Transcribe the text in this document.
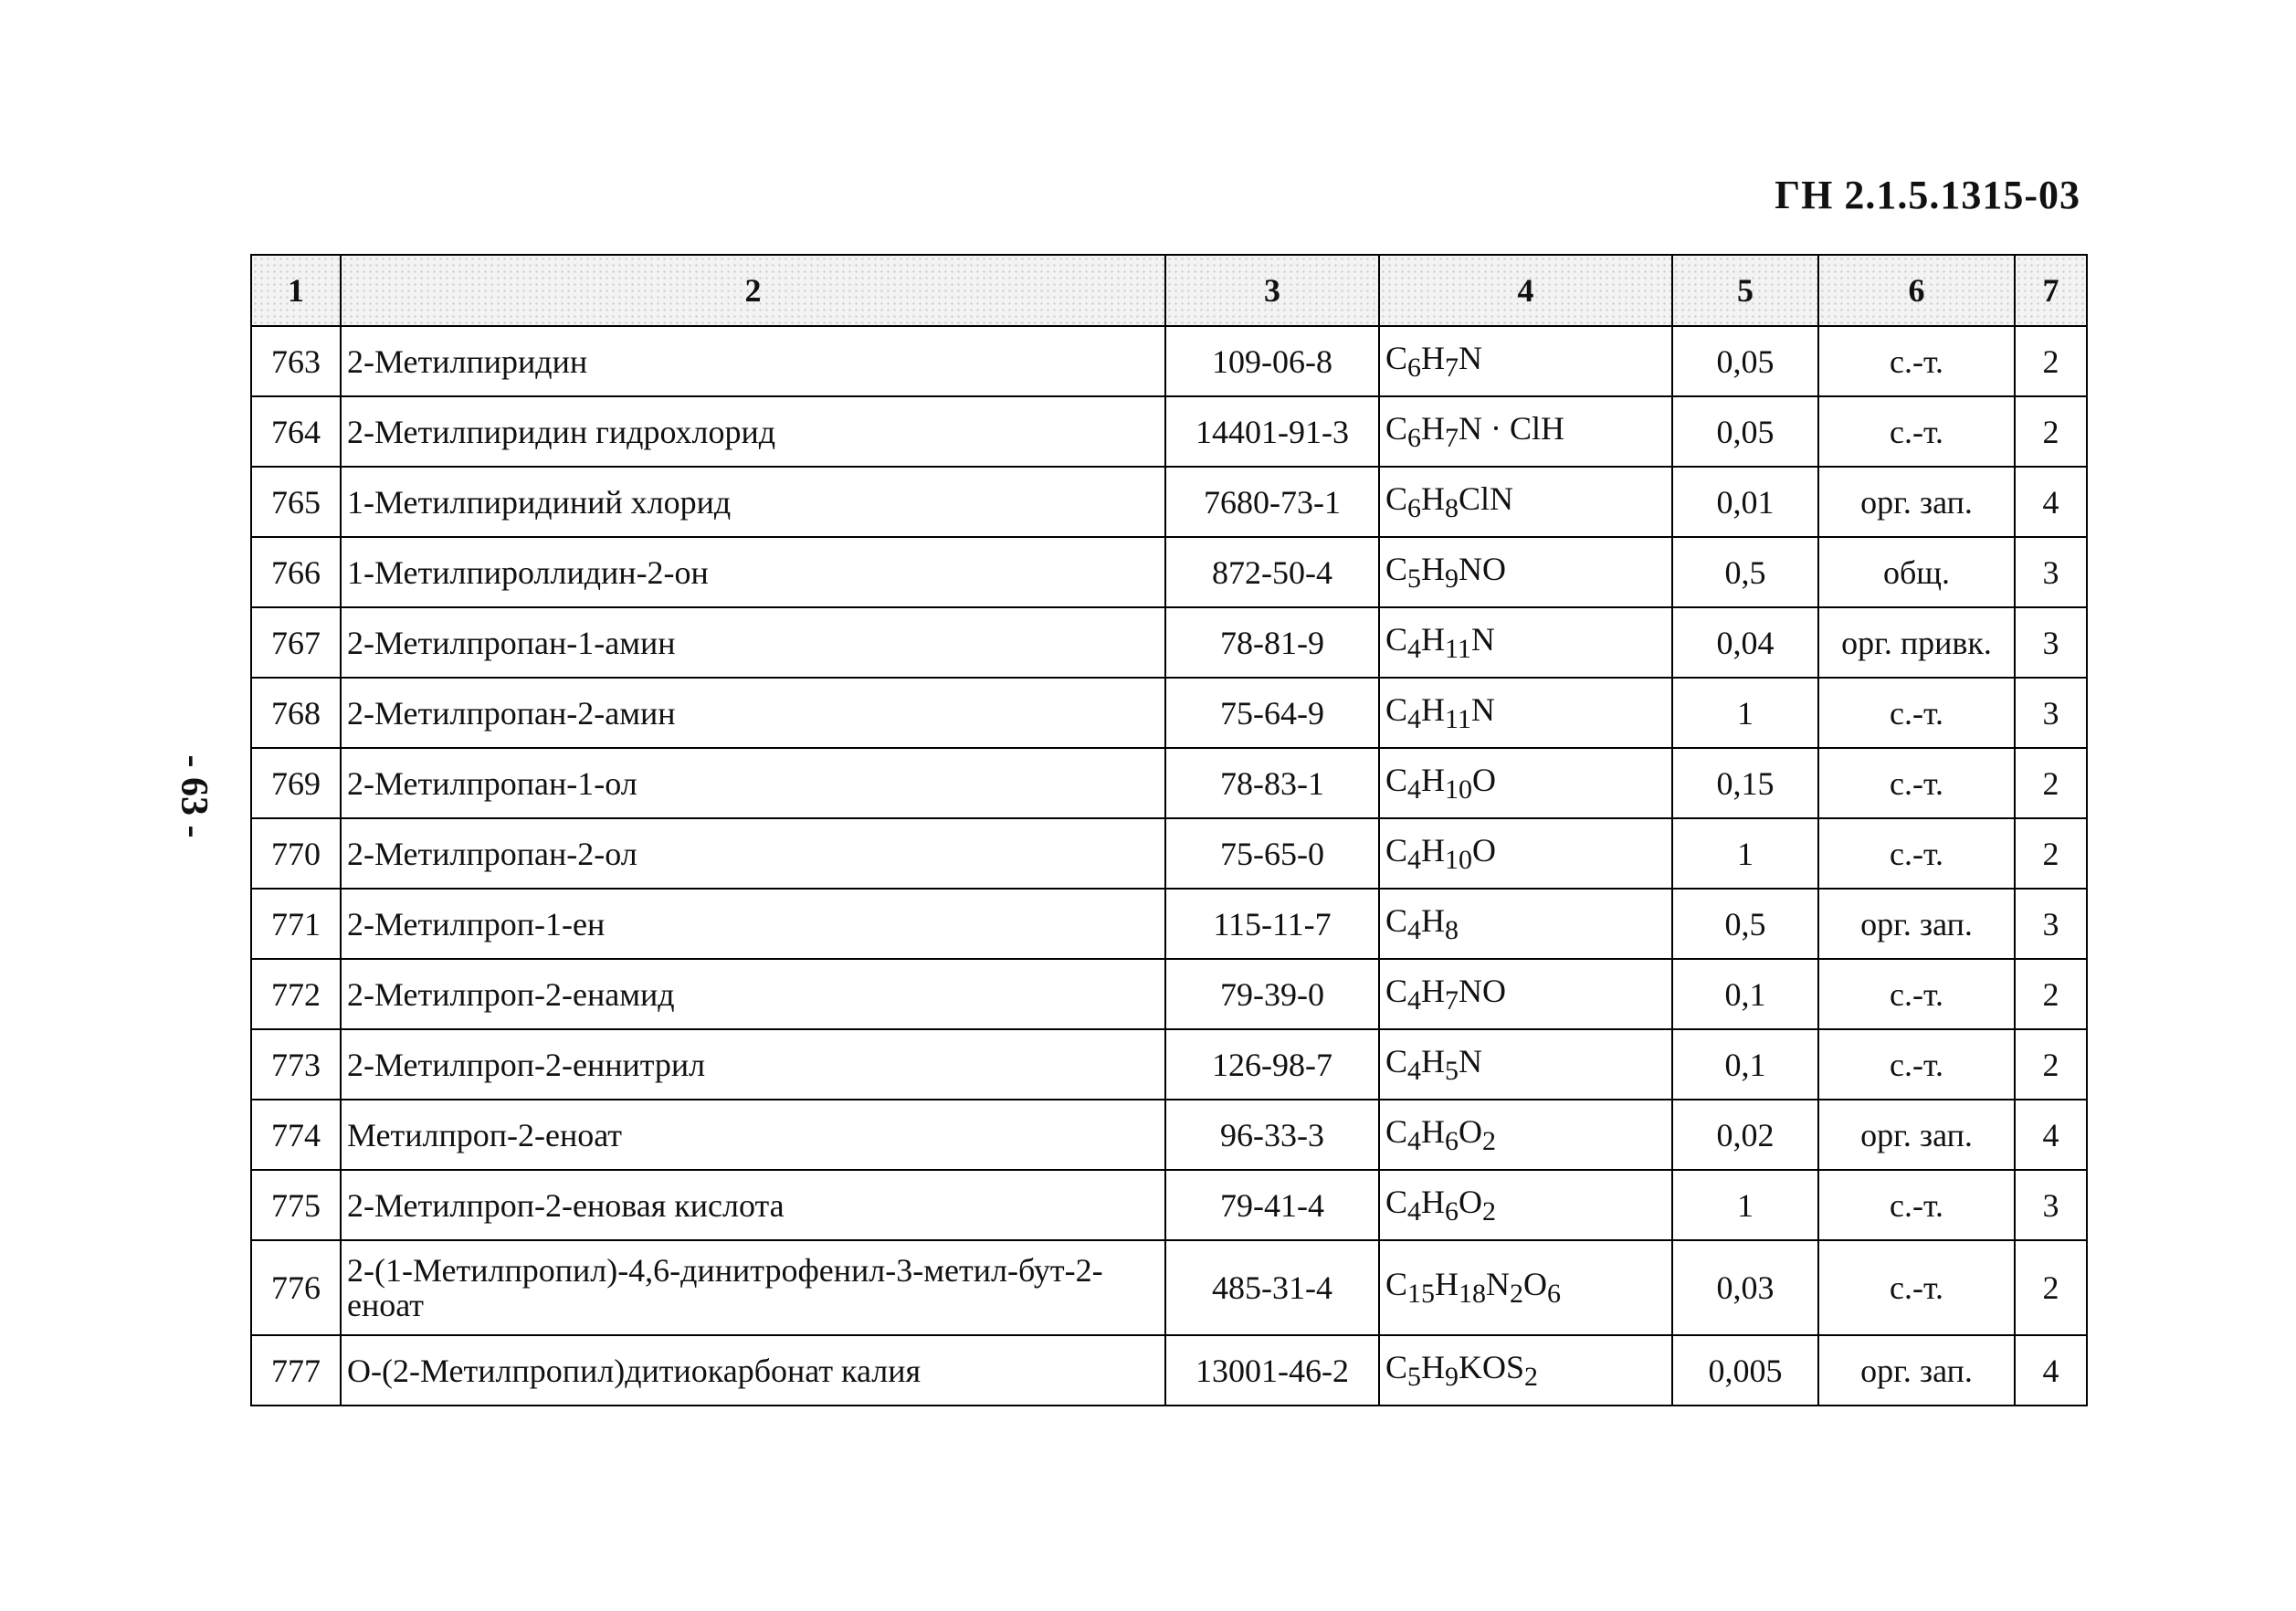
ГН 2.1.5.1315-03
- 63 -
1	2	3	4	5	6	7
763	2-Метилпиридин	109-06-8	$C_6H_7N$	0,05	с.-т.	2
764	2-Метилпиридин гидрохлорид	14401-91-3	$C_6H_7N$ · ClH	0,05	с.-т.	2
765	1-Метилпиридиний хлорид	7680-73-1	$C_6H_8ClN$	0,01	орг. зап.	4
766	1-Метилпироллидин-2-он	872-50-4	$C_5H_9NO$	0,5	общ.	3
767	2-Метилпропан-1-амин	78-81-9	$C_4H_{11}N$	0,04	орг. привк.	3
768	2-Метилпропан-2-амин	75-64-9	$C_4H_{11}N$	1	с.-т.	3
769	2-Метилпропан-1-ол	78-83-1	$C_4H_{10}O$	0,15	с.-т.	2
770	2-Метилпропан-2-ол	75-65-0	$C_4H_{10}O$	1	с.-т.	2
771	2-Метилпроп-1-ен	115-11-7	$C_4H_8$	0,5	орг. зап.	3
772	2-Метилпроп-2-енамид	79-39-0	$C_4H_7NO$	0,1	с.-т.	2
773	2-Метилпроп-2-еннитрил	126-98-7	$C_4H_5N$	0,1	с.-т.	2
774	Метилпроп-2-еноат	96-33-3	$C_4H_6O_2$	0,02	орг. зап.	4
775	2-Метилпроп-2-еновая кислота	79-41-4	$C_4H_6O_2$	1	с.-т.	3
776	2-(1-Метилпропил)-4,6-динитрофенил-3-метил-бут-2-еноат	485-31-4	$C_{15}H_{18}N_2O_6$	0,03	с.-т.	2
777	O-(2-Метилпропил)дитиокарбонат калия	13001-46-2	$C_5H_9KOS_2$	0,005	орг. зап.	4
